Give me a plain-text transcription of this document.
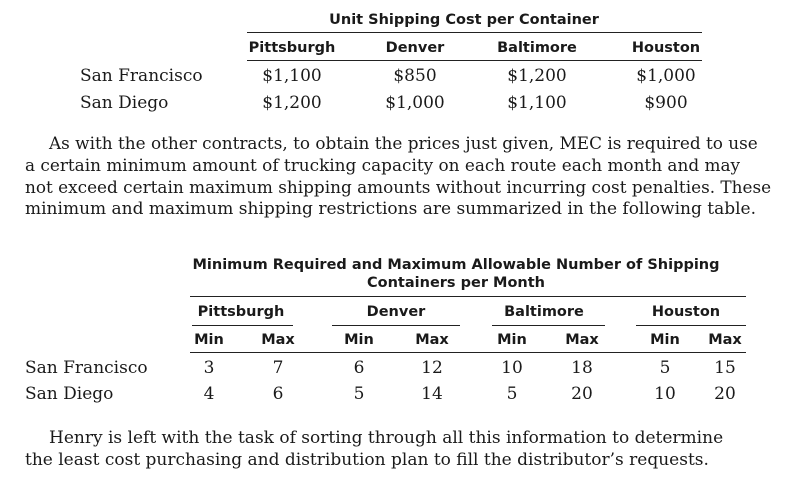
Unit Shipping Cost per Container
Pittsburgh	Denver	Baltimore	Houston
San Francisco	$1,100	$850	$1,200	$1,000
San Diego	$1,200	$1,000	$1,100	$900
As with the other contracts, to obtain the prices just given, MEC is required to use
a certain minimum amount of trucking capacity on each route each month and may
not exceed certain maximum shipping amounts without incurring cost penalties. These
minimum and maximum shipping restrictions are summarized in the following table.
Minimum Required and Maximum Allowable Number of Shipping
Containers per Month
Pittsburgh	Denver	Baltimore	Houston
Min	Max	Min	Max	Min	Max	Min Max
San Francisco	3	7	6	12	10	18	5	15
San Diego	4	6	5	14	5	20	10 20
Henry is left with the task of sorting through all this information to determine
the least cost purchasing and distribution plan to fill the distributor’s requests.
